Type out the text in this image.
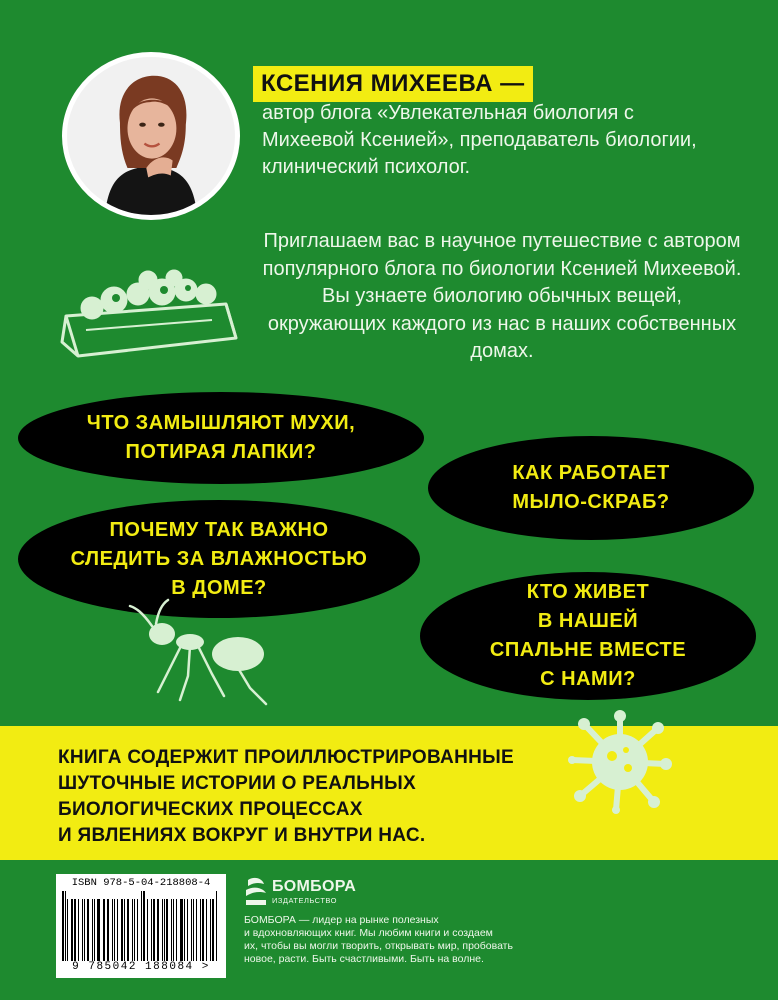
КСЕНИЯ МИХЕЕВА —

автор блога «Увлекательная биология с Михеевой Ксенией», преподаватель биологии, клинический психолог.

Приглашаем вас в научное путешествие с автором популярного блога по биологии Ксенией Михеевой. Вы узнаете биологию обычных вещей, окружающих каждого из нас в наших собственных домах.

ЧТО ЗАМЫШЛЯЮТ МУХИ,
ПОТИРАЯ ЛАПКИ?
КАК РАБОТАЕТ
МЫЛО-СКРАБ?
ПОЧЕМУ ТАК ВАЖНО
СЛЕДИТЬ ЗА ВЛАЖНОСТЬЮ
В ДОМЕ?	КТО ЖИВЕТ
В НАШЕЙ
СПАЛЬНЕ ВМЕСТЕ
С НАМИ?

КНИГА СОДЕРЖИТ ПРОИЛЛЮСТРИРОВАННЫЕ
ШУТОЧНЫЕ ИСТОРИИ О РЕАЛЬНЫХ
БИОЛОГИЧЕСКИХ ПРОЦЕССАХ
И ЯВЛЕНИЯХ ВОКРУГ И ВНУТРИ НАС.

ISBN 978-5-04-218808-4
9 785042 188084 >
БОМБОРА
ИЗДАТЕЛЬСТВО

БОМБОРА — лидер на рынке полезных
и вдохновляющих книг. Мы любим книги и создаем
их, чтобы вы могли творить, открывать мир, пробовать
новое, расти. Быть счастливыми. Быть на волне.
